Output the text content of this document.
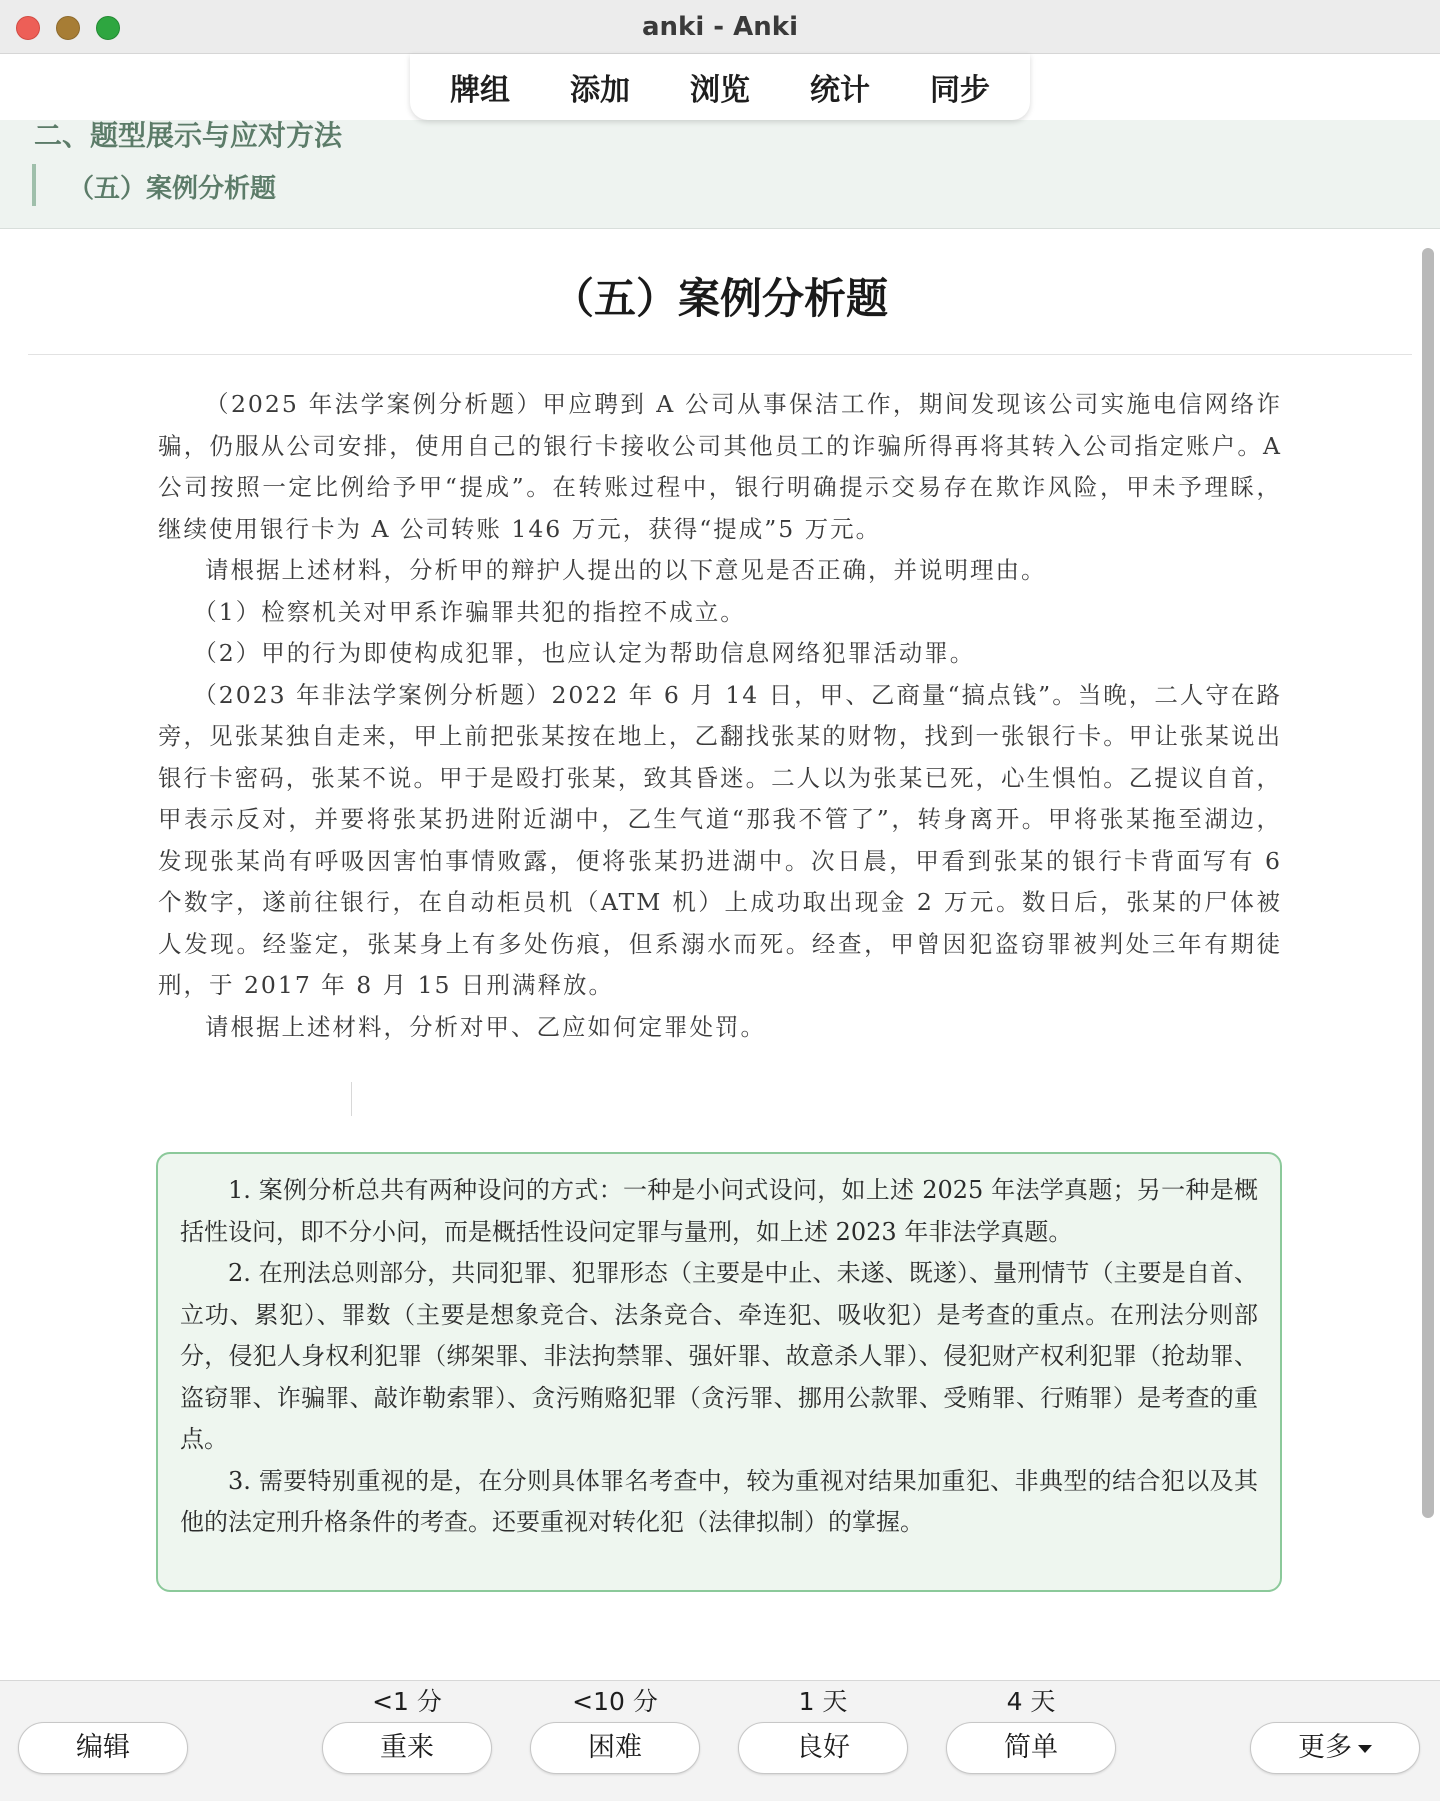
anki - Anki
牌组	添加	浏览	统计	同步
二、题型展示与应对方法
（五）案例分析题
（五）案例分析题

（2025 年法学案例分析题）甲应聘到 A 公司从事保洁工作，期间发现该公司实施电信网络诈骗，仍服从公司安排，使用自己的银行卡接收公司其他员工的诈骗所得再将其转入公司指定账户。A 公司按照一定比例给予甲“提成”。在转账过程中，银行明确提示交易存在欺诈风险，甲未予理睬，继续使用银行卡为 A 公司转账 146 万元，获得“提成”5 万元。

请根据上述材料，分析甲的辩护人提出的以下意见是否正确，并说明理由。

（1）检察机关对甲系诈骗罪共犯的指控不成立。

（2）甲的行为即使构成犯罪，也应认定为帮助信息网络犯罪活动罪。

（2023 年非法学案例分析题）2022 年 6 月 14 日，甲、乙商量“搞点钱”。当晚，二人守在路旁，见张某独自走来，甲上前把张某按在地上，乙翻找张某的财物，找到一张银行卡。甲让张某说出银行卡密码，张某不说。甲于是殴打张某，致其昏迷。二人以为张某已死，心生惧怕。乙提议自首，甲表示反对，并要将张某扔进附近湖中，乙生气道“那我不管了”，转身离开。甲将张某拖至湖边，发现张某尚有呼吸因害怕事情败露，便将张某扔进湖中。次日晨，甲看到张某的银行卡背面写有 6 个数字，遂前往银行，在自动柜员机（ATM 机）上成功取出现金 2 万元。数日后，张某的尸体被人发现。经鉴定，张某身上有多处伤痕，但系溺水而死。经查，甲曾因犯盗窃罪被判处三年有期徒刑，于 2017 年 8 月 15 日刑满释放。

请根据上述材料，分析对甲、乙应如何定罪处罚。

1. 案例分析总共有两种设问的方式：一种是小问式设问，如上述 2025 年法学真题；另一种是概括性设问，即不分小问，而是概括性设问定罪与量刑，如上述 2023 年非法学真题。

2. 在刑法总则部分，共同犯罪、犯罪形态（主要是中止、未遂、既遂）、量刑情节（主要是自首、立功、累犯）、罪数（主要是想象竞合、法条竞合、牵连犯、吸收犯）是考查的重点。在刑法分则部分，侵犯人身权利犯罪（绑架罪、非法拘禁罪、强奸罪、故意杀人罪）、侵犯财产权利犯罪（抢劫罪、盗窃罪、诈骗罪、敲诈勒索罪）、贪污贿赂犯罪（贪污罪、挪用公款罪、受贿罪、行贿罪）是考查的重点。

3. 需要特别重视的是，在分则具体罪名考查中，较为重视对结果加重犯、非典型的结合犯以及其他的法定刑升格条件的考查。还要重视对转化犯（法律拟制）的掌握。

<1 分	<10 分	1 天	4 天
编辑	重来	困难	良好	简单	更多
